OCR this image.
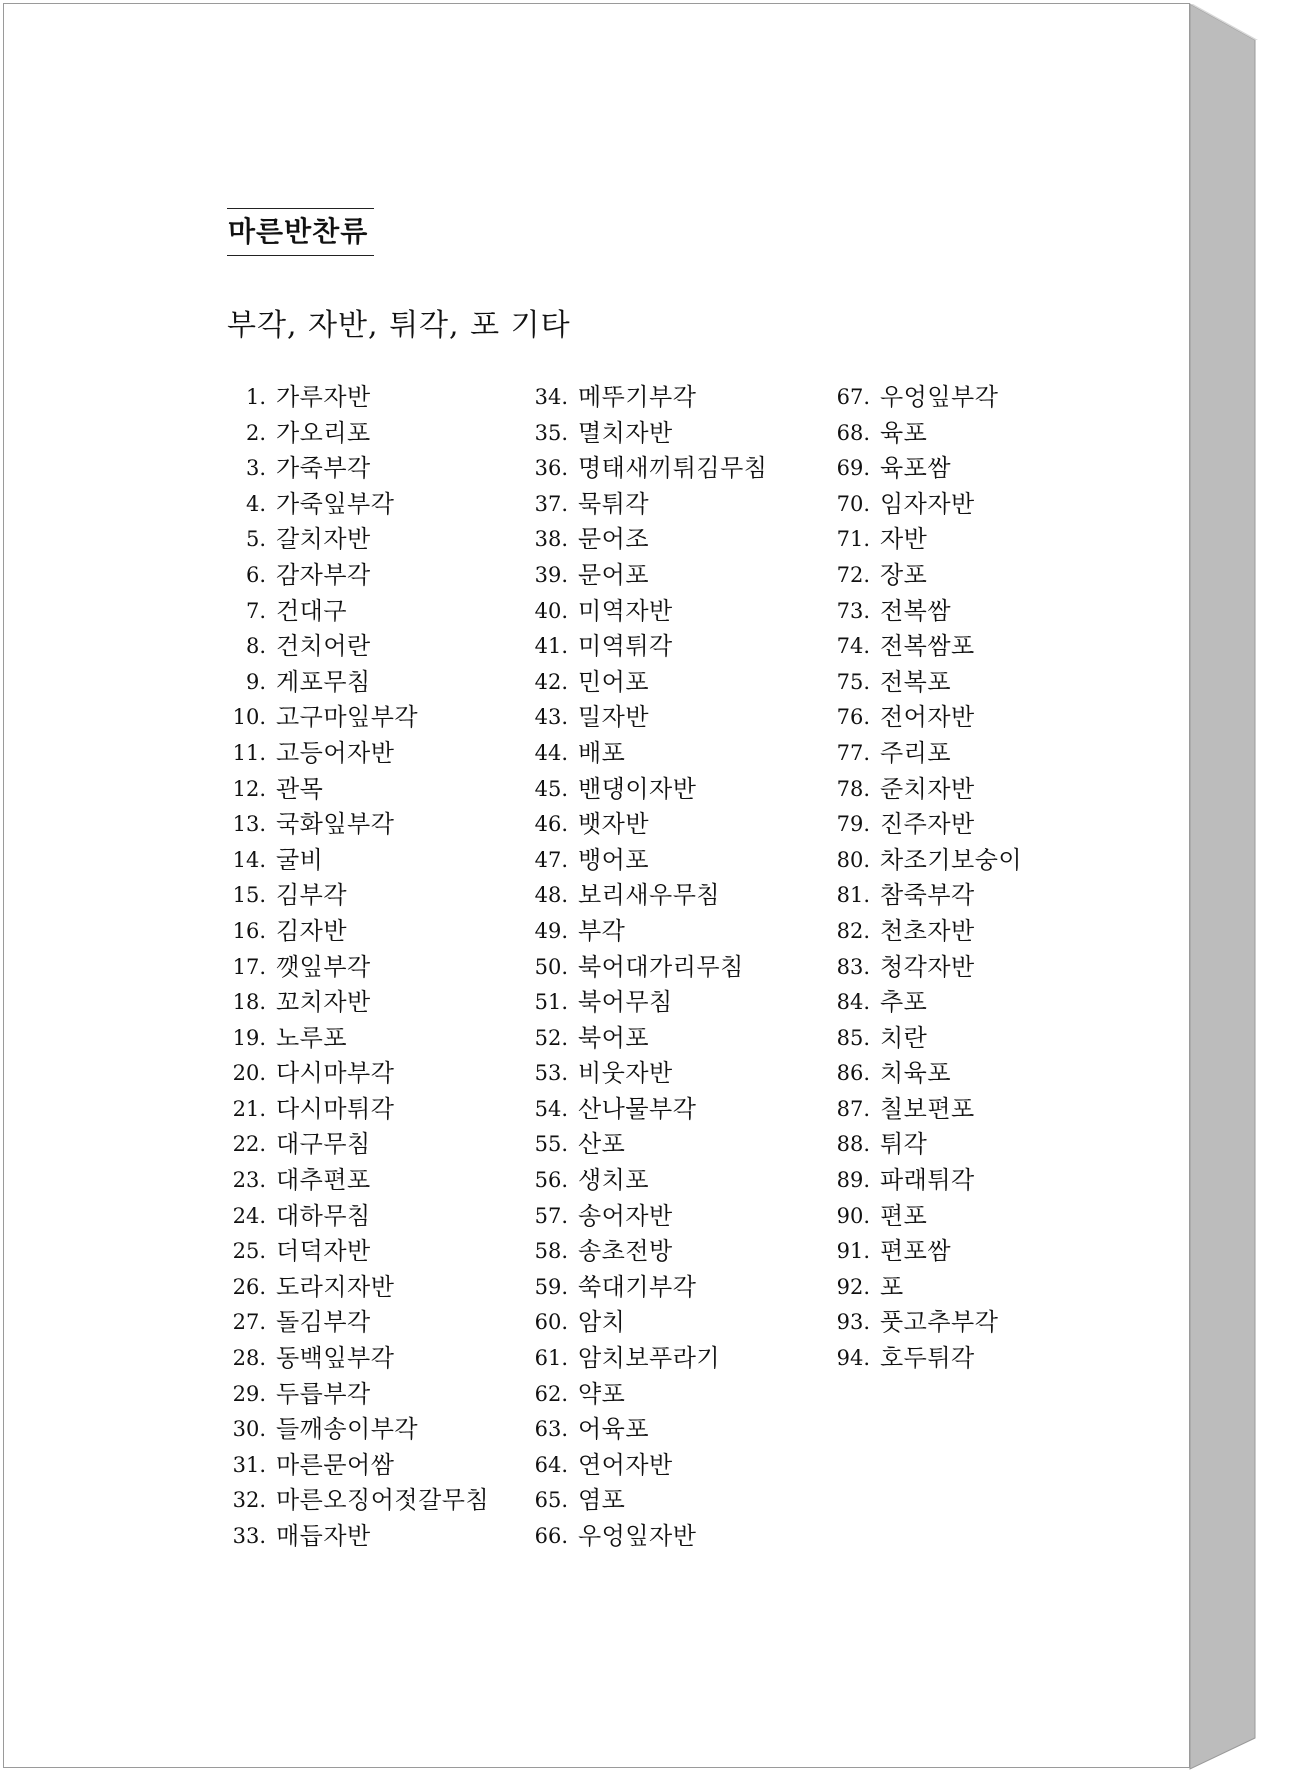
마른반찬류
부각, 자반, 튀각, 포 기타
1. 가루자반
2. 가오리포
3. 가죽부각
4. 가죽잎부각
5. 갈치자반
6. 감자부각
7. 건대구
8. 건치어란
9. 게포무침
10. 고구마잎부각
11. 고등어자반
12. 관목
13. 국화잎부각
14. 굴비
15. 김부각
16. 김자반
17. 깻잎부각
18. 꼬치자반
19. 노루포
20. 다시마부각
21. 다시마튀각
22. 대구무침
23. 대추편포
24. 대하무침
25. 더덕자반
26. 도라지자반
27. 돌김부각
28. 동백잎부각
29. 두릅부각
30. 들깨송이부각
31. 마른문어쌈
32. 마른오징어젓갈무침
33. 매듭자반
34. 메뚜기부각
35. 멸치자반
36. 명태새끼튀김무침
37. 묵튀각
38. 문어조
39. 문어포
40. 미역자반
41. 미역튀각
42. 민어포
43. 밀자반
44. 배포
45. 밴댕이자반
46. 뱃자반
47. 뱅어포
48. 보리새우무침
49. 부각
50. 북어대가리무침
51. 북어무침
52. 북어포
53. 비웃자반
54. 산나물부각
55. 산포
56. 생치포
57. 송어자반
58. 송초전방
59. 쑥대기부각
60. 암치
61. 암치보푸라기
62. 약포
63. 어육포
64. 연어자반
65. 염포
66. 우엉잎자반
67. 우엉잎부각
68. 육포
69. 육포쌈
70. 임자자반
71. 자반
72. 장포
73. 전복쌈
74. 전복쌈포
75. 전복포
76. 전어자반
77. 주리포
78. 준치자반
79. 진주자반
80. 차조기보숭이
81. 참죽부각
82. 천초자반
83. 청각자반
84. 추포
85. 치란
86. 치육포
87. 칠보편포
88. 튀각
89. 파래튀각
90. 편포
91. 편포쌈
92. 포
93. 풋고추부각
94. 호두튀각
